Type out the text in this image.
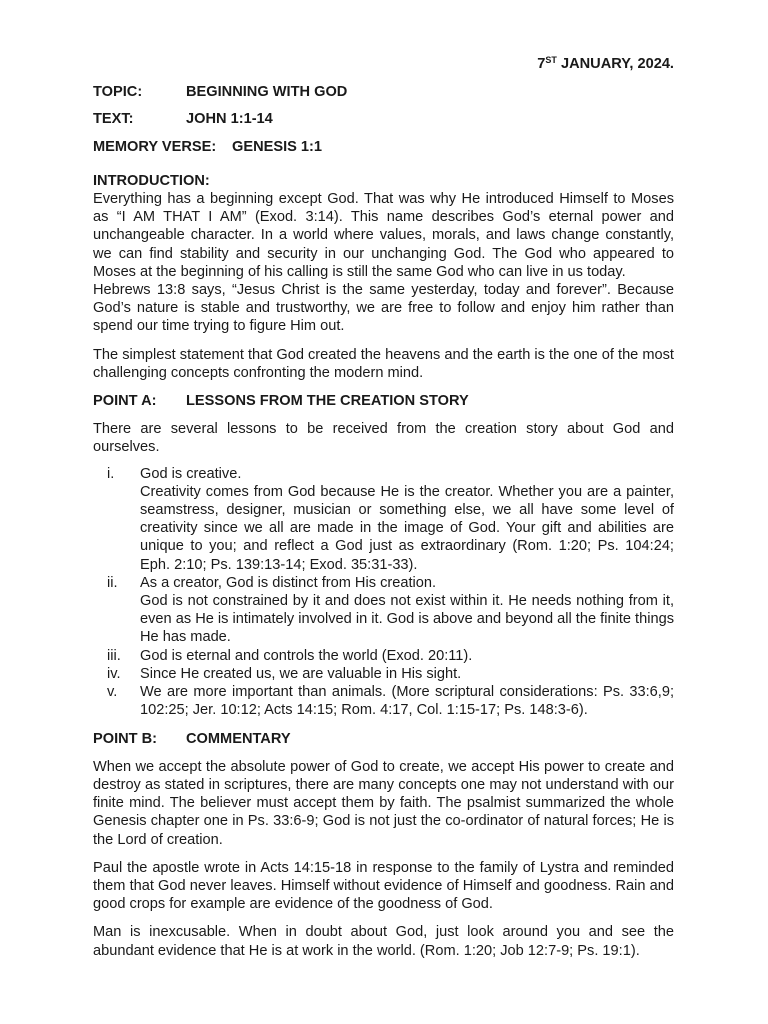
7ST JANUARY, 2024.
TOPIC:	BEGINNING WITH GOD
TEXT:	JOHN 1:1-14
MEMORY VERSE:	GENESIS 1:1
INTRODUCTION:

Everything has a beginning except God. That was why He introduced Himself to Moses as “I AM THAT I AM” (Exod. 3:14). This name describes God’s eternal power and unchangeable character. In a world where values, morals, and laws change constantly, we can find stability and security in our unchanging God. The God who appeared to Moses at the beginning of his calling is still the same God who can live in us today.

Hebrews 13:8 says, “Jesus Christ is the same yesterday, today and forever”. Because God’s nature is stable and trustworthy, we are free to follow and enjoy him rather than spend our time trying to figure Him out.

The simplest statement that God created the heavens and the earth is the one of the most challenging concepts confronting the modern mind.

POINT A:	LESSONS FROM THE CREATION STORY

There are several lessons to be received from the creation story about God and ourselves.

i.	God is creative.
Creativity comes from God because He is the creator. Whether you are a painter, seamstress, designer, musician or something else, we all have some level of creativity since we all are made in the image of God. Your gift and abilities are unique to you; and reflect a God just as extraordinary (Rom. 1:20; Ps. 104:24; Eph. 2:10; Ps. 139:13-14; Exod. 35:31-33).
ii.	As a creator, God is distinct from His creation.
God is not constrained by it and does not exist within it. He needs nothing from it, even as He is intimately involved in it. God is above and beyond all the finite things He has made.
iii.	God is eternal and controls the world (Exod. 20:11).
iv.	Since He created us, we are valuable in His sight.
v.	We are more important than animals. (More scriptural considerations: Ps. 33:6,9; 102:25; Jer. 10:12; Acts 14:15; Rom. 4:17, Col. 1:15-17; Ps. 148:3-6).
POINT B:	COMMENTARY

When we accept the absolute power of God to create, we accept His power to create and destroy as stated in scriptures, there are many concepts one may not understand with our finite mind. The believer must accept them by faith. The psalmist summarized the whole Genesis chapter one in Ps. 33:6-9; God is not just the co-ordinator of natural forces; He is the Lord of creation.

Paul the apostle wrote in Acts 14:15-18 in response to the family of Lystra and reminded them that God never leaves. Himself without evidence of Himself and goodness. Rain and good crops for example are evidence of the goodness of God.

Man is inexcusable. When in doubt about God, just look around you and see the abundant evidence that He is at work in the world. (Rom. 1:20; Job 12:7-9; Ps. 19:1).
